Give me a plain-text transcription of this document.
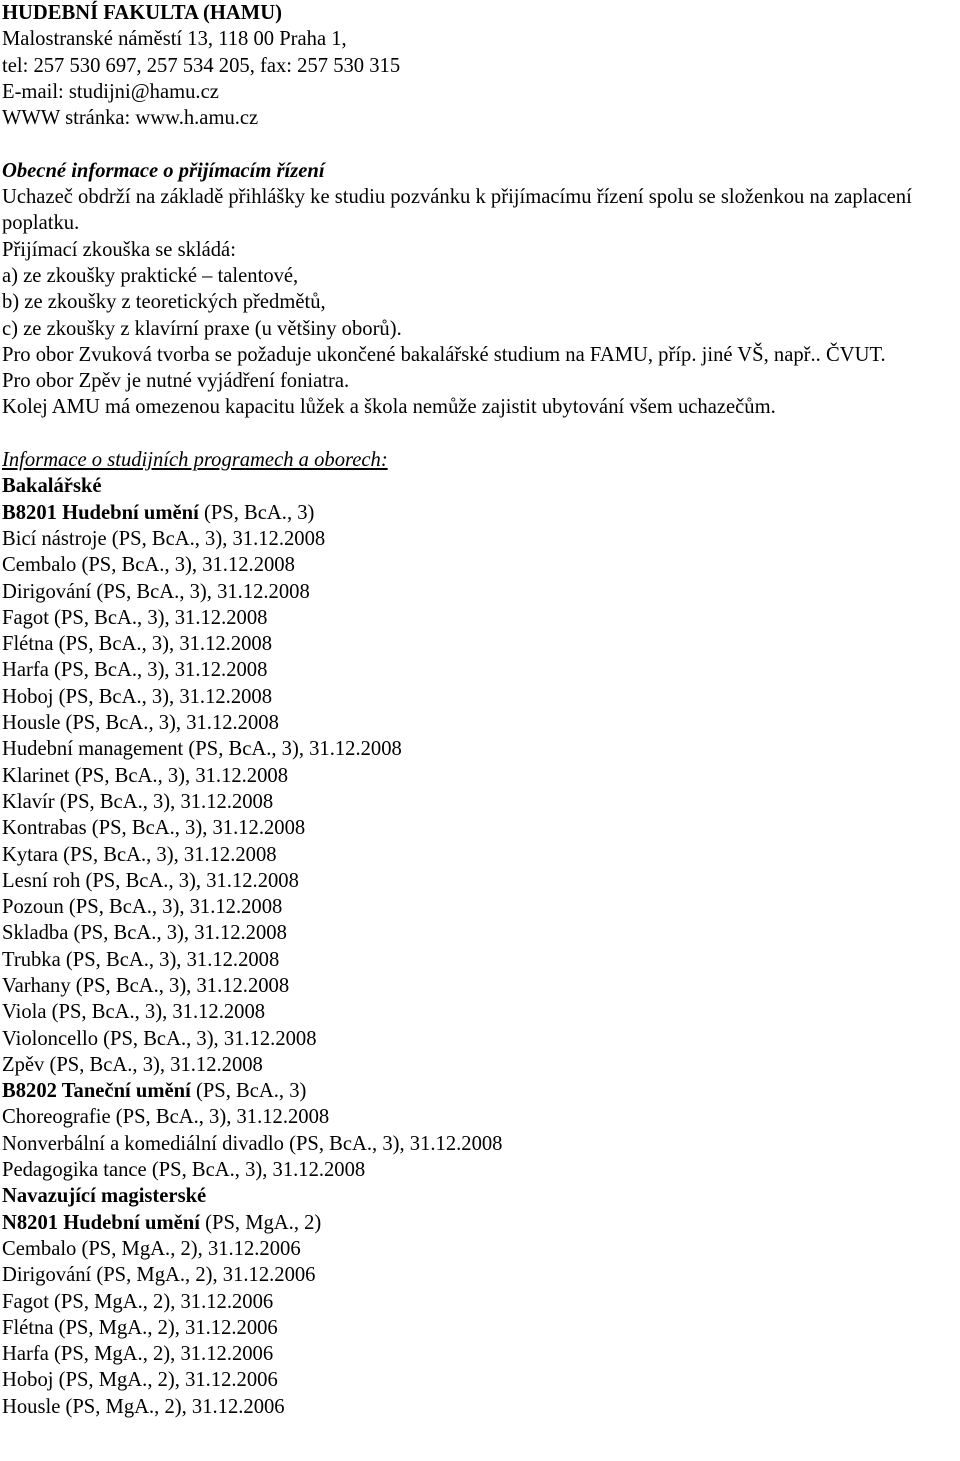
HUDEBNÍ FAKULTA (HAMU)

Malostranské náměstí 13, 118 00 Praha 1,

tel: 257 530 697, 257 534 205, fax: 257 530 315

E-mail: studijni@hamu.cz

WWW stránka: www.h.amu.cz

Obecné informace o přijímacím řízení

Uchazeč obdrží na základě přihlášky ke studiu pozvánku k přijímacímu řízení spolu se složenkou na zaplacení poplatku.

Přijímací zkouška se skládá:

a) ze zkoušky praktické – talentové,
b) ze zkoušky z teoretických předmětů,
c) ze zkoušky z klavírní praxe (u většiny oborů).

Pro obor Zvuková tvorba se požaduje ukončené bakalářské studium na FAMU, příp. jiné VŠ, např.. ČVUT.

Pro obor Zpěv je nutné vyjádření foniatra.

Kolej AMU má omezenou kapacitu lůžek a škola nemůže zajistit ubytování všem uchazečům.

Informace o studijních programech a oborech:

Bakalářské

B8201 Hudební umění (PS, BcA., 3)

Bicí nástroje (PS, BcA., 3), 31.12.2008
Cembalo (PS, BcA., 3), 31.12.2008
Dirigování (PS, BcA., 3), 31.12.2008
Fagot (PS, BcA., 3), 31.12.2008
Flétna (PS, BcA., 3), 31.12.2008
Harfa (PS, BcA., 3), 31.12.2008
Hoboj (PS, BcA., 3), 31.12.2008
Housle (PS, BcA., 3), 31.12.2008
Hudební management (PS, BcA., 3), 31.12.2008
Klarinet (PS, BcA., 3), 31.12.2008
Klavír (PS, BcA., 3), 31.12.2008
Kontrabas (PS, BcA., 3), 31.12.2008
Kytara (PS, BcA., 3), 31.12.2008
Lesní roh (PS, BcA., 3), 31.12.2008
Pozoun (PS, BcA., 3), 31.12.2008
Skladba (PS, BcA., 3), 31.12.2008
Trubka (PS, BcA., 3), 31.12.2008
Varhany (PS, BcA., 3), 31.12.2008
Viola (PS, BcA., 3), 31.12.2008
Violoncello (PS, BcA., 3), 31.12.2008
Zpěv (PS, BcA., 3), 31.12.2008

B8202 Taneční umění (PS, BcA., 3)

Choreografie (PS, BcA., 3), 31.12.2008
Nonverbální a komediální divadlo (PS, BcA., 3), 31.12.2008
Pedagogika tance (PS, BcA., 3), 31.12.2008

Navazující magisterské

N8201 Hudební umění (PS, MgA., 2)

Cembalo (PS, MgA., 2), 31.12.2006
Dirigování (PS, MgA., 2), 31.12.2006
Fagot (PS, MgA., 2), 31.12.2006
Flétna (PS, MgA., 2), 31.12.2006
Harfa (PS, MgA., 2), 31.12.2006
Hoboj (PS, MgA., 2), 31.12.2006
Housle (PS, MgA., 2), 31.12.2006
